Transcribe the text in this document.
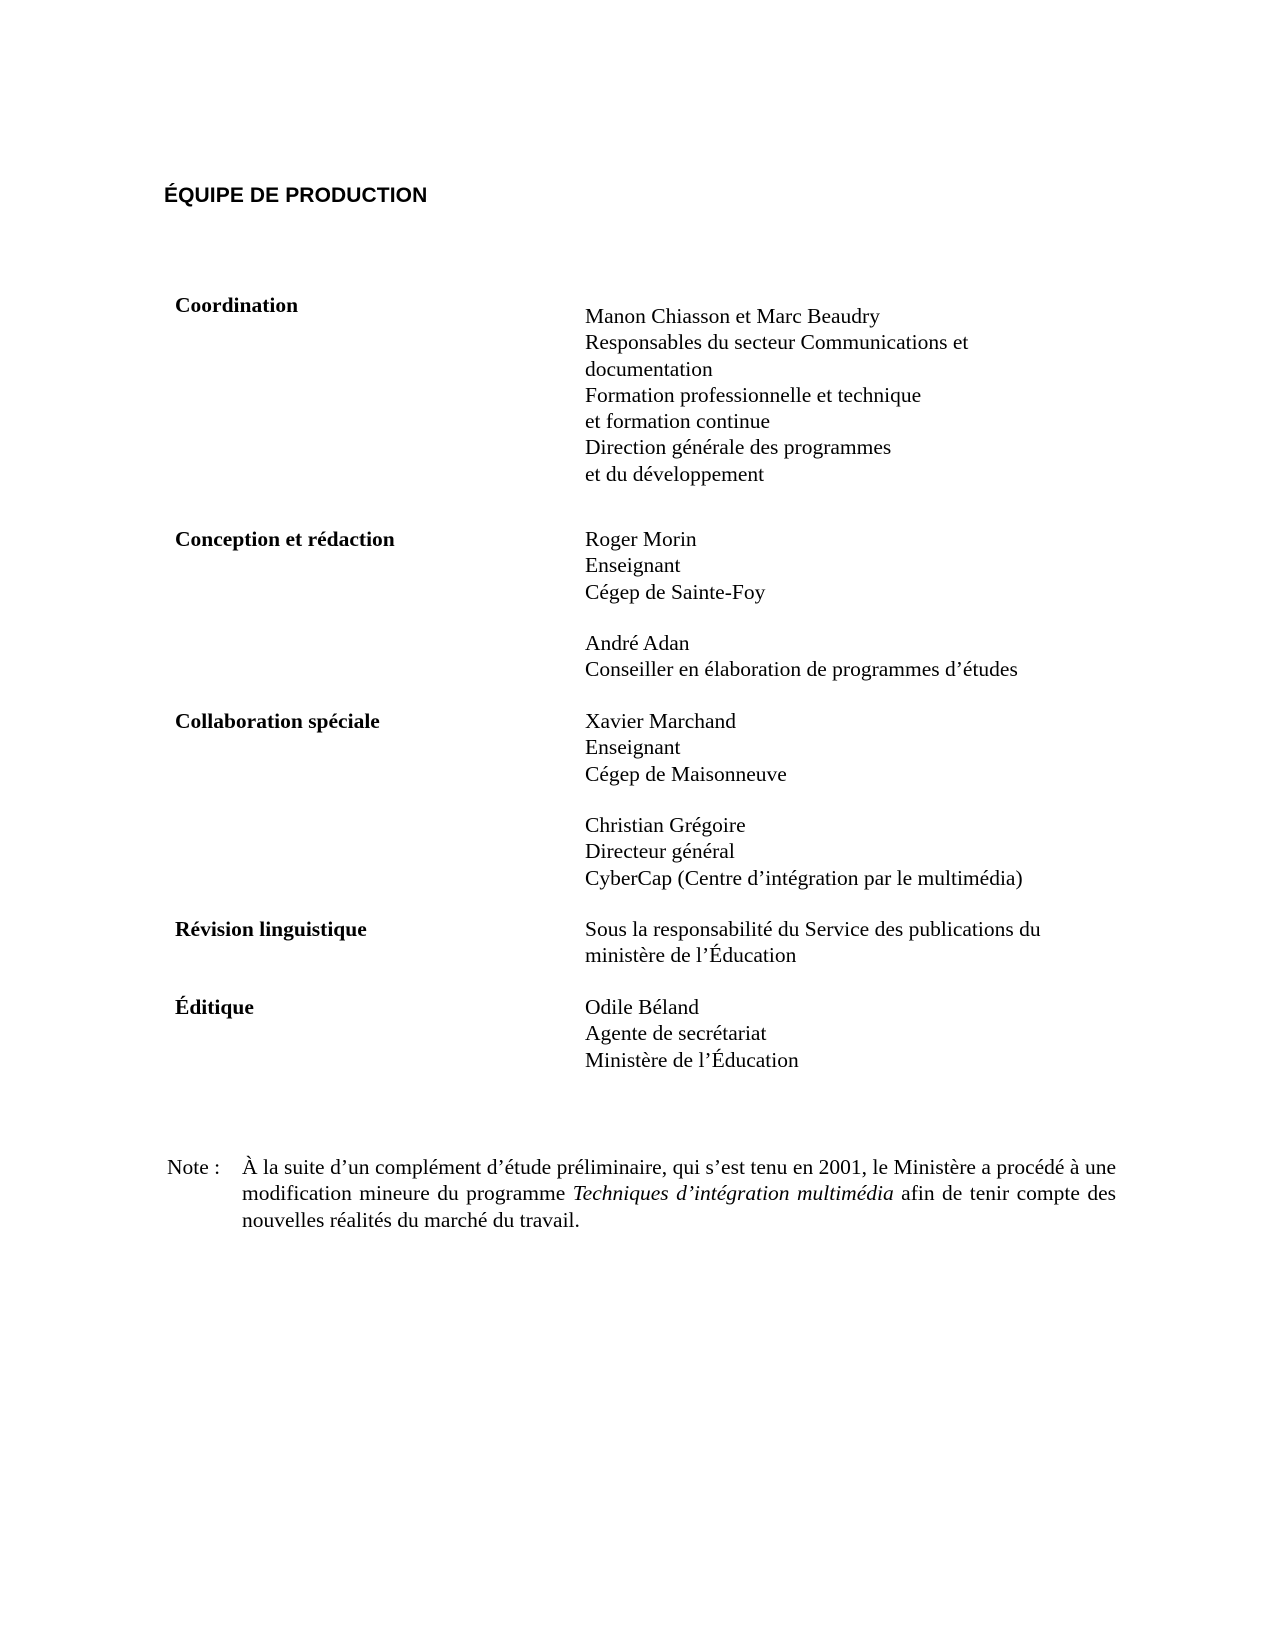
ÉQUIPE DE PRODUCTION
Coordination	Manon Chiasson et Marc Beaudry
Responsables du secteur Communications et
documentation
Formation professionnelle et technique
et formation continue
Direction générale des programmes
et du développement
Conception et rédaction	Roger Morin
Enseignant
Cégep de Sainte-Foy
André Adan
Conseiller en élaboration de programmes d’études
Collaboration spéciale	Xavier Marchand
Enseignant
Cégep de Maisonneuve
Christian Grégoire
Directeur général
CyberCap (Centre d’intégration par le multimédia)
Révision linguistique	Sous la responsabilité du Service des publications du
ministère de l’Éducation
Éditique	Odile Béland
Agente de secrétariat
Ministère de l’Éducation
Note : À la suite d’un complément d’étude préliminaire, qui s’est tenu en 2001, le Ministère a procédé à une modification mineure du programme Techniques d’intégration multimédia afin de tenir compte des nouvelles réalités du marché du travail.
